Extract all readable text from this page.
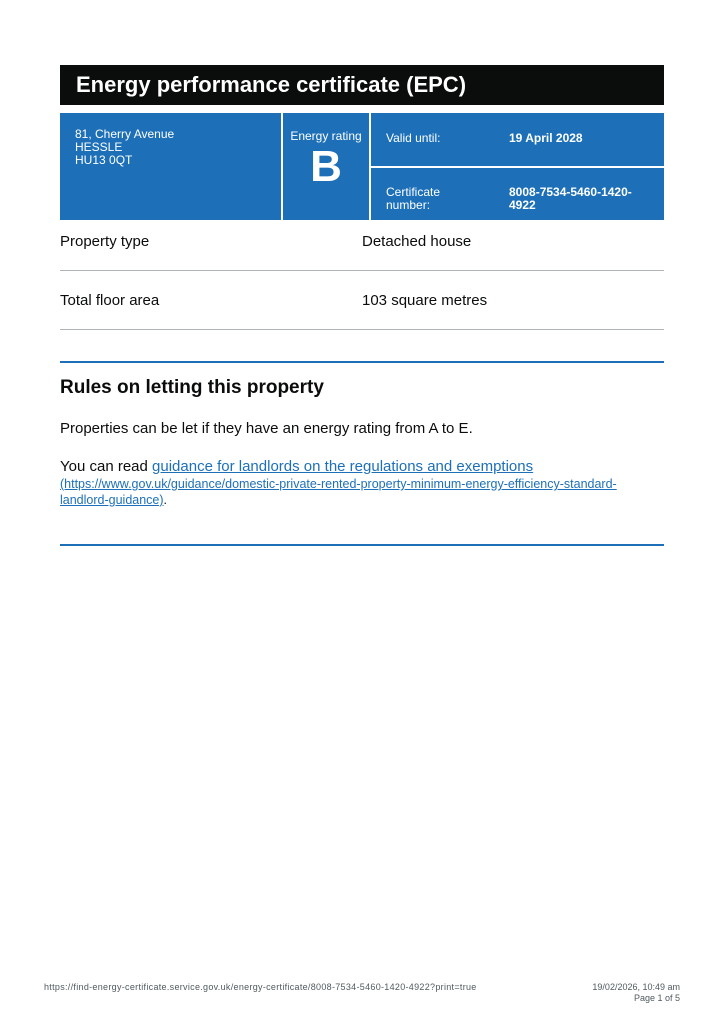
Energy performance certificate (EPC)
81, Cherry Avenue
HESSLE
HU13 0QT
Energy rating
B
Valid until:	19 April 2028
Certificate
number:
8008-7534-5460-1420-
4922
Property type	Detached house
Total floor area	103 square metres
Rules on letting this property
Properties can be let if they have an energy rating from A to E.
You can read guidance for landlords on the regulations and exemptions
(https://www.gov.uk/guidance/domestic-private-rented-property-minimum-energy-efficiency-standard-
landlord-guidance).
https://find-energy-certificate.service.gov.uk/energy-certificate/8008-7534-5460-1420-4922?print=true	19/02/2026, 10:49 am
Page 1 of 5
